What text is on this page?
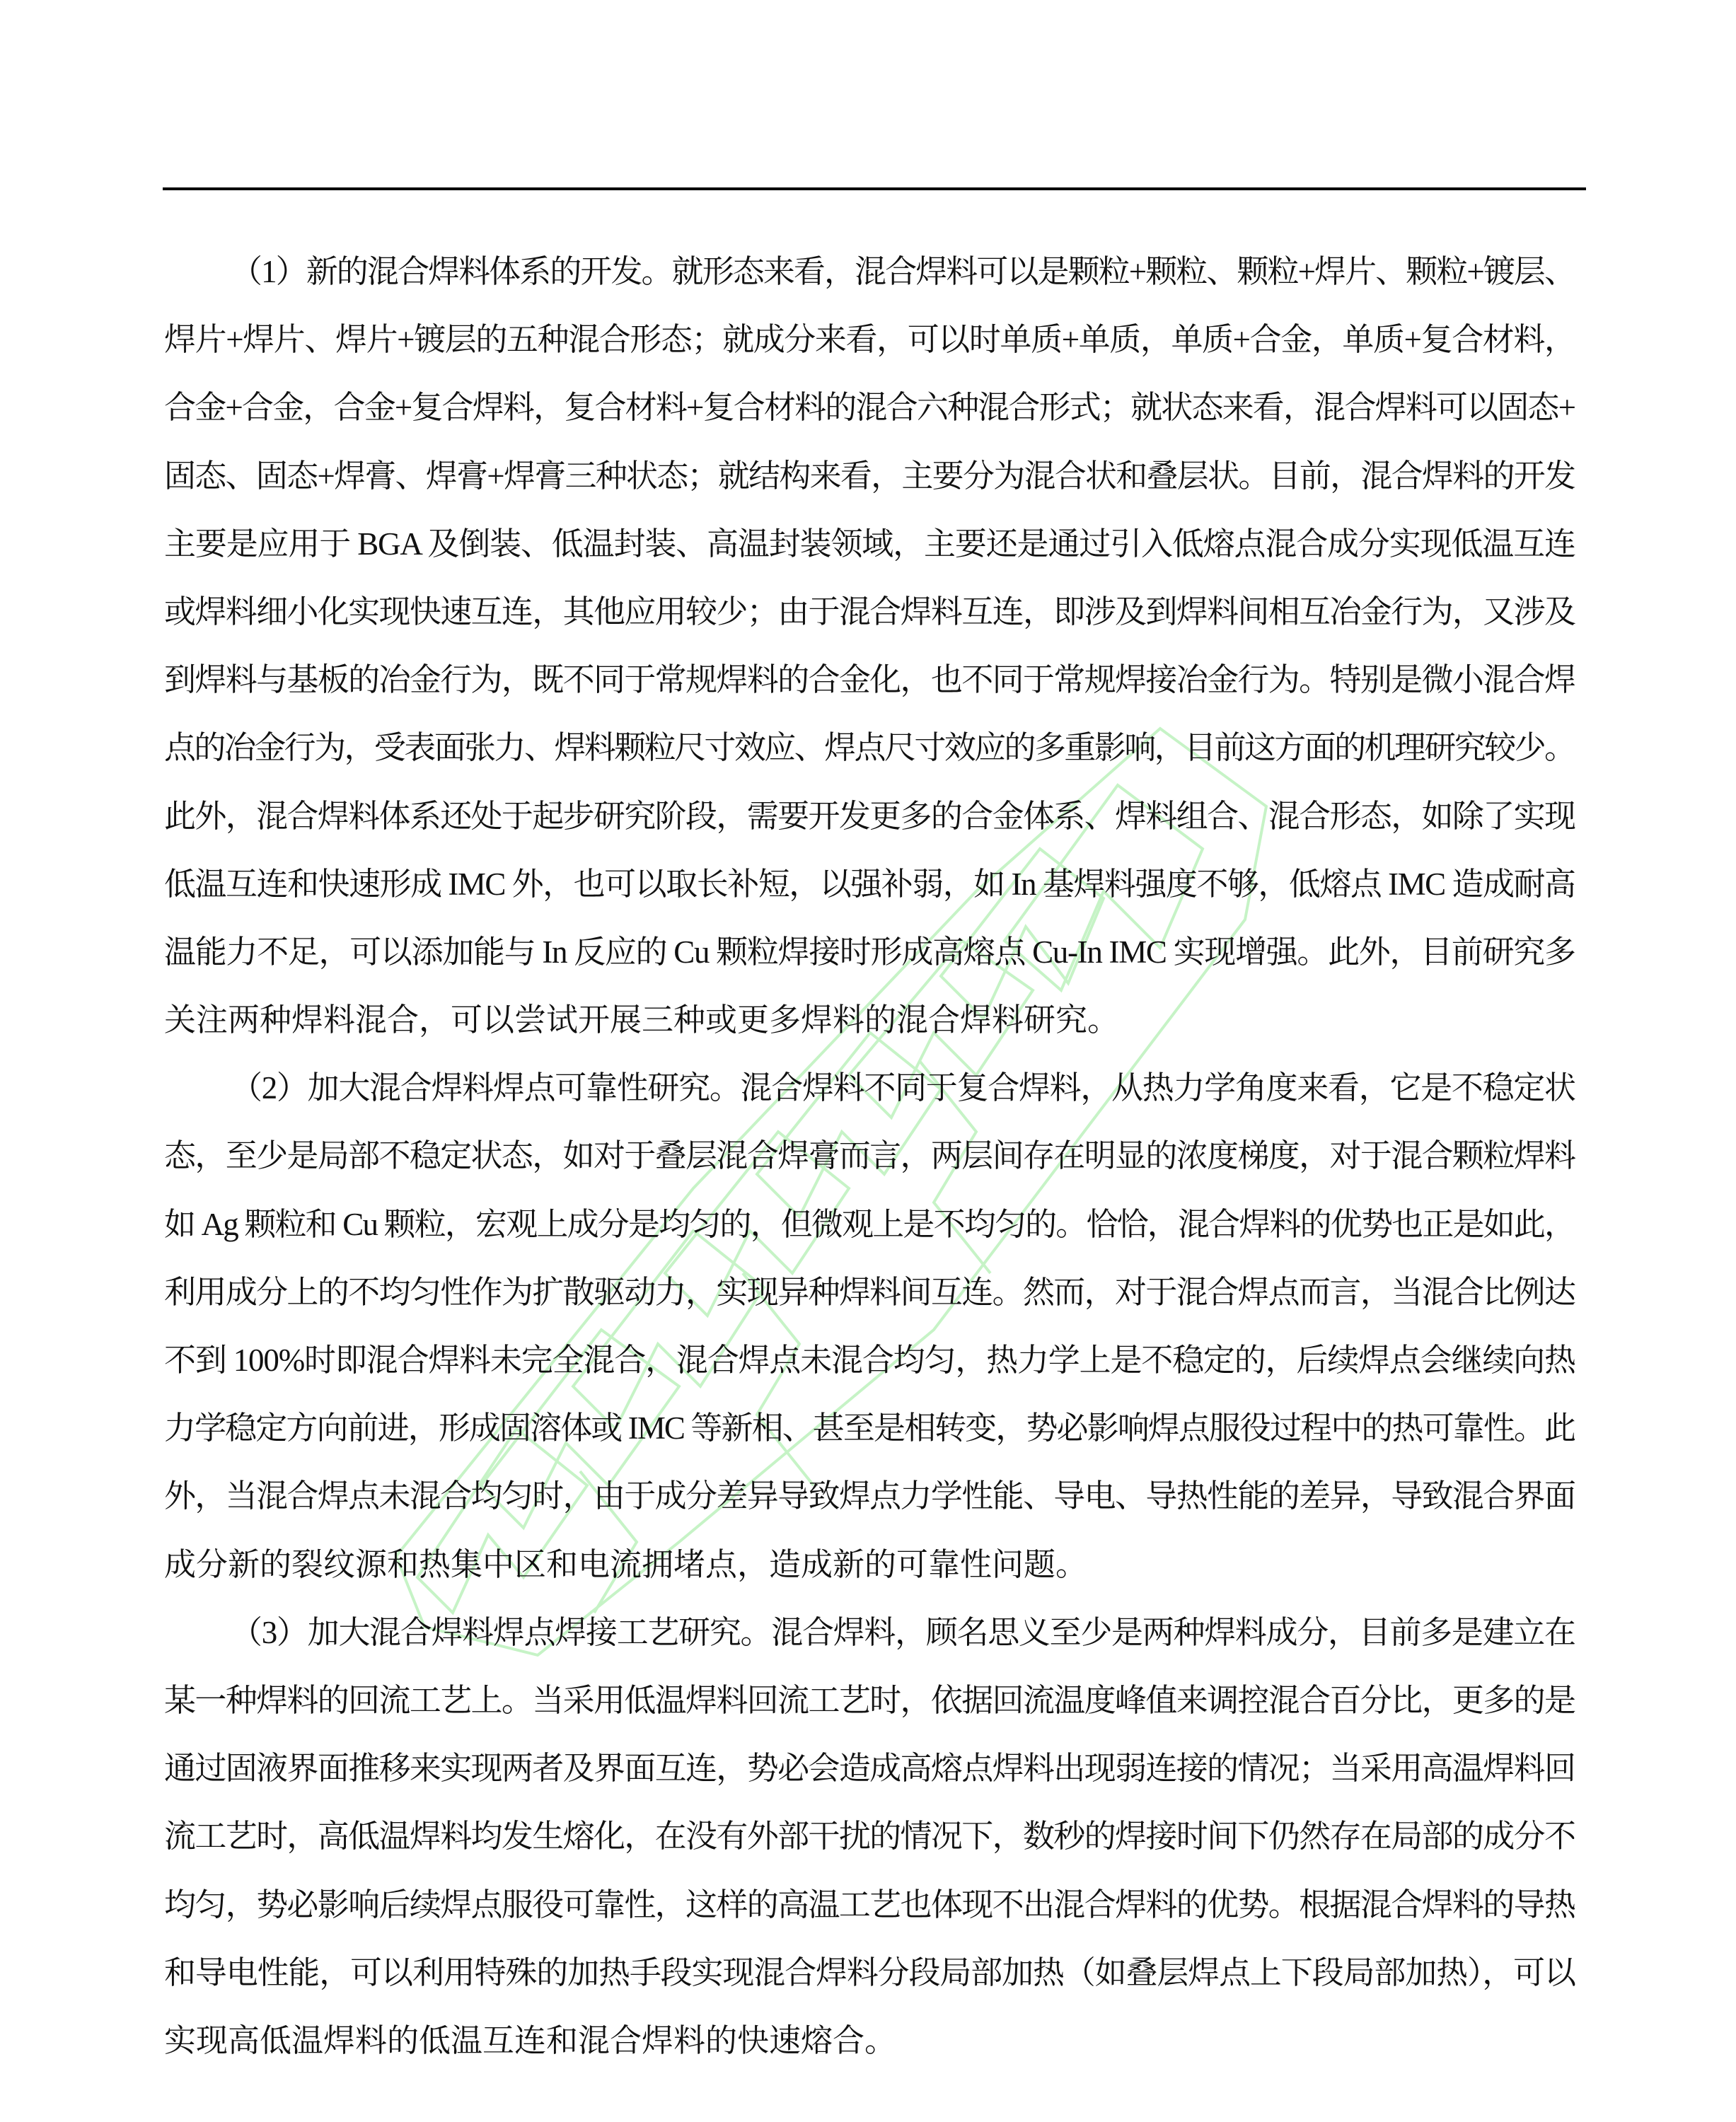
（1）新的混合焊料体系的开发。就形态来看，混合焊料可以是颗粒+颗粒、颗粒+焊片、颗粒+镀层、
焊片+焊片、焊片+镀层的五种混合形态；就成分来看，可以时单质+单质，单质+合金，单质+复合材料，
合金+合金，合金+复合焊料，复合材料+复合材料的混合六种混合形式；就状态来看，混合焊料可以固态+
固态、固态+焊膏、焊膏+焊膏三种状态；就结构来看，主要分为混合状和叠层状。目前，混合焊料的开发
主要是应用于 BGA 及倒装、低温封装、高温封装领域，主要还是通过引入低熔点混合成分实现低温互连
或焊料细小化实现快速互连，其他应用较少；由于混合焊料互连，即涉及到焊料间相互冶金行为，又涉及
到焊料与基板的冶金行为，既不同于常规焊料的合金化，也不同于常规焊接冶金行为。特别是微小混合焊
点的冶金行为，受表面张力、焊料颗粒尺寸效应、焊点尺寸效应的多重影响，目前这方面的机理研究较少。
此外，混合焊料体系还处于起步研究阶段，需要开发更多的合金体系、焊料组合、混合形态，如除了实现
低温互连和快速形成 IMC 外，也可以取长补短，以强补弱，如 In 基焊料强度不够，低熔点 IMC 造成耐高
温能力不足，可以添加能与 In 反应的 Cu 颗粒焊接时形成高熔点 Cu-In IMC 实现增强。此外，目前研究多
关注两种焊料混合，可以尝试开展三种或更多焊料的混合焊料研究。
（2）加大混合焊料焊点可靠性研究。混合焊料不同于复合焊料，从热力学角度来看，它是不稳定状
态，至少是局部不稳定状态，如对于叠层混合焊膏而言，两层间存在明显的浓度梯度，对于混合颗粒焊料
如 Ag 颗粒和 Cu 颗粒，宏观上成分是均匀的，但微观上是不均匀的。恰恰，混合焊料的优势也正是如此，
利用成分上的不均匀性作为扩散驱动力，实现异种焊料间互连。然而，对于混合焊点而言，当混合比例达
不到 100%时即混合焊料未完全混合，混合焊点未混合均匀，热力学上是不稳定的，后续焊点会继续向热
力学稳定方向前进，形成固溶体或 IMC 等新相、甚至是相转变，势必影响焊点服役过程中的热可靠性。此
外，当混合焊点未混合均匀时，由于成分差异导致焊点力学性能、导电、导热性能的差异，导致混合界面
成分新的裂纹源和热集中区和电流拥堵点，造成新的可靠性问题。
（3）加大混合焊料焊点焊接工艺研究。混合焊料，顾名思义至少是两种焊料成分，目前多是建立在
某一种焊料的回流工艺上。当采用低温焊料回流工艺时，依据回流温度峰值来调控混合百分比，更多的是
通过固液界面推移来实现两者及界面互连，势必会造成高熔点焊料出现弱连接的情况；当采用高温焊料回
流工艺时，高低温焊料均发生熔化，在没有外部干扰的情况下，数秒的焊接时间下仍然存在局部的成分不
均匀，势必影响后续焊点服役可靠性，这样的高温工艺也体现不出混合焊料的优势。根据混合焊料的导热
和导电性能，可以利用特殊的加热手段实现混合焊料分段局部加热（如叠层焊点上下段局部加热），可以
实现高低温焊料的低温互连和混合焊料的快速熔合。
